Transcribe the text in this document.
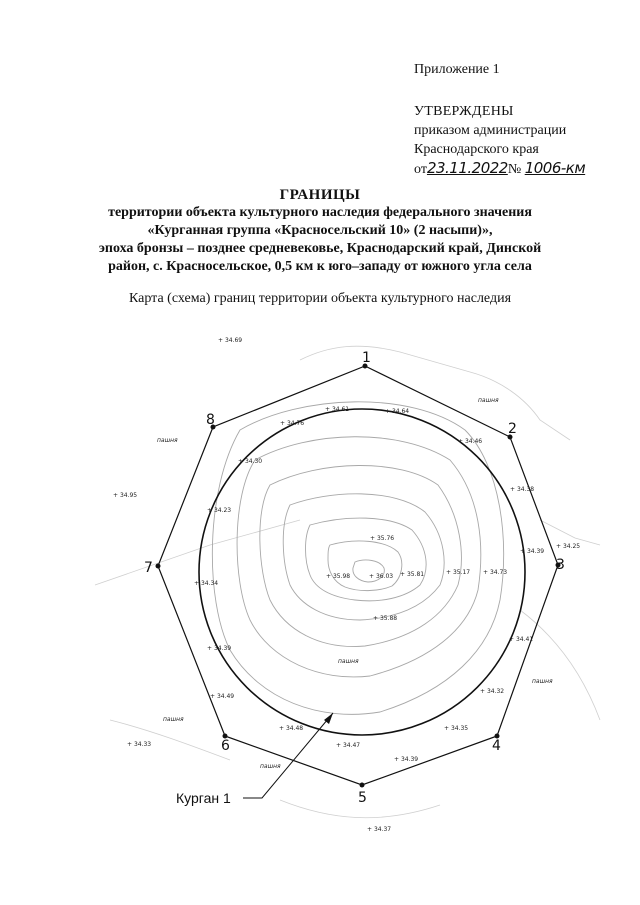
Приложение 1
УТВЕРЖДЕНЫ
приказом администрации
Краснодарского края
от23.11.2022№ 1006-км
ГРАНИЦЫ
территории объекта культурного наследия федерального значения
«Курганная группа «Красносельский 10» (2 насыпи)»,
эпоха бронзы – позднее средневековье, Краснодарский край, Динской
район, с. Красносельское, 0,5 км к юго–западу от южного угла села
Карта (схема) границ территории объекта культурного наследия
1
2
3
4
5
6
7
8
+ 34.69
+ 34.61	+ 34.64
+ 34.46
+ 34.76
+ 34.30
+ 34.38
+ 34.25
+ 34.95
+ 34.23
+ 35.76
+ 34.39
+ 35.17 + 34.73
+ 35.98	+ 36.03 + 35.81
+ 34.34
+ 35.88
+ 34.39
+ 34.41
+ 34.32
+ 34.49
+ 34.48	+ 34.35
+ 34.47
+ 34.39
+ 34.33
+ 34.37
пашня
пашня
пашня
пашня
пашня
пашня
Курган 1
